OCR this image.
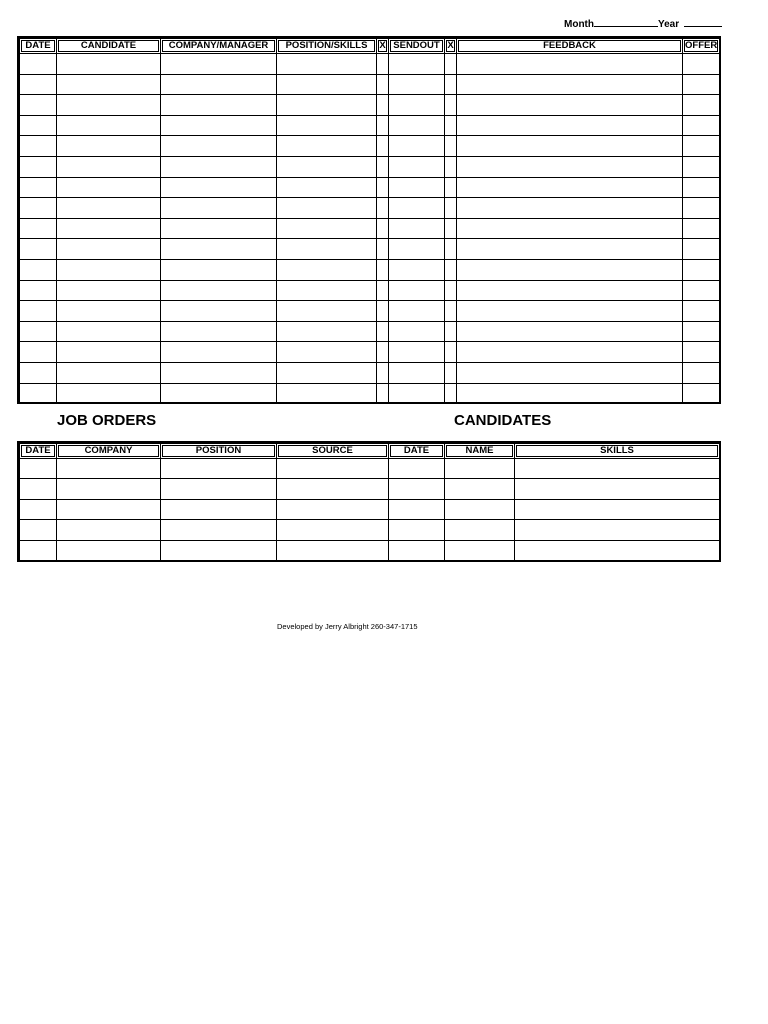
Month	Year
DATE	CANDIDATE	COMPANY/MANAGER	POSITION/SKILLS	X	SENDOUT	X	FEEDBACK	OFFER

JOB ORDERS	CANDIDATES
DATE	COMPANY	POSITION	SOURCE	DATE	NAME	SKILLS

Developed by Jerry Albright 260-347-1715
